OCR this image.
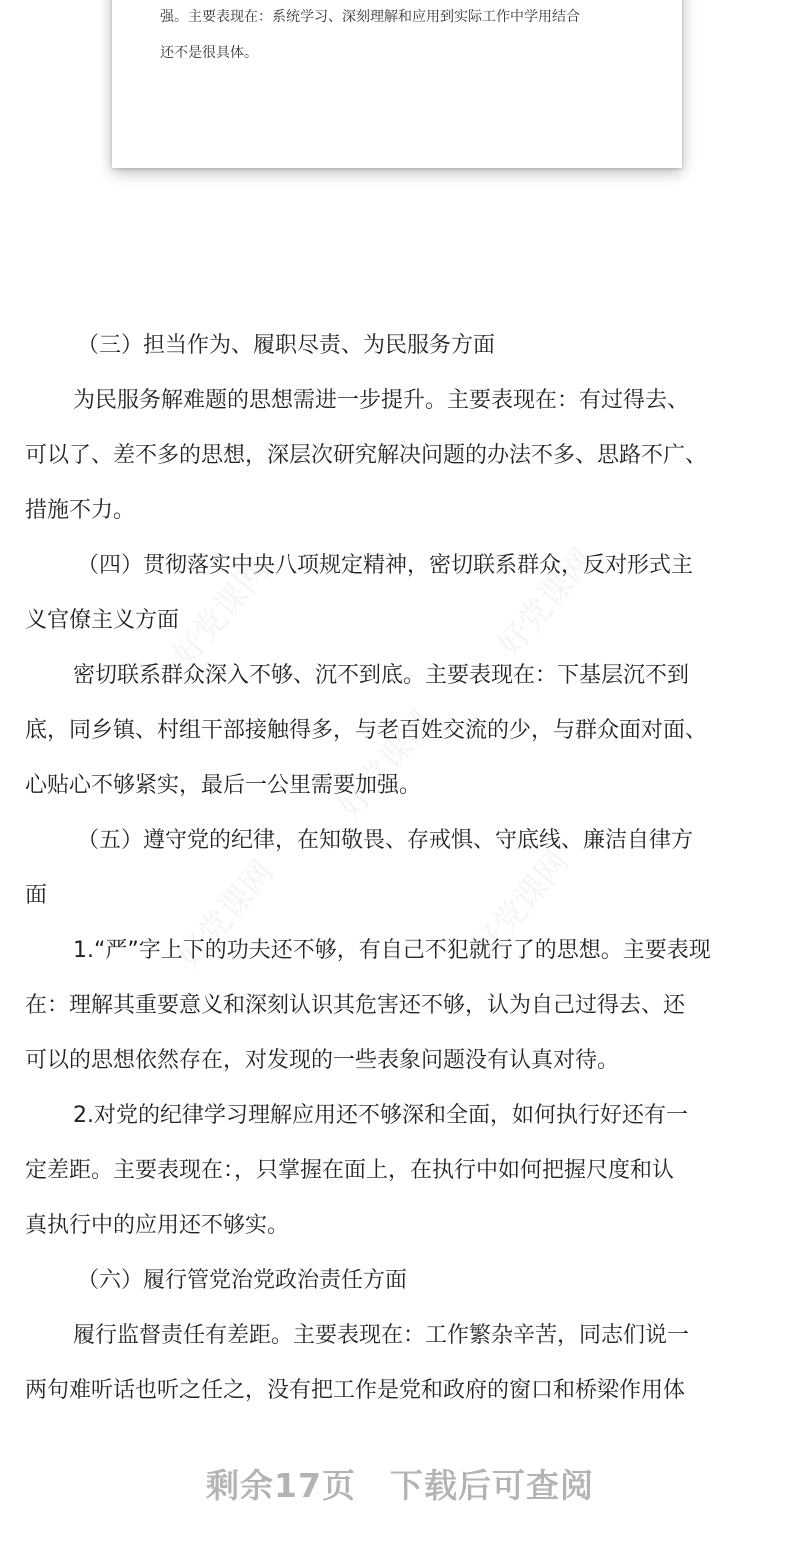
强。主要表现在：系统学习、深刻理解和应用到实际工作中学用结合
还不是很具体。
好党课网	好党课网
好党课网
好党课网	好党课网
（三）担当作为、履职尽责、为民服务方面
为民服务解难题的思想需进一步提升。主要表现在：有过得去、
可以了、差不多的思想，深层次研究解决问题的办法不多、思路不广、
措施不力。
（四）贯彻落实中央八项规定精神，密切联系群众，反对形式主
义官僚主义方面
密切联系群众深入不够、沉不到底。主要表现在：下基层沉不到
底，同乡镇、村组干部接触得多，与老百姓交流的少，与群众面对面、
心贴心不够紧实，最后一公里需要加强。
（五）遵守党的纪律，在知敬畏、存戒惧、守底线、廉洁自律方
面
1.“严”字上下的功夫还不够，有自己不犯就行了的思想。主要表现
在：理解其重要意义和深刻认识其危害还不够，认为自己过得去、还
可以的思想依然存在，对发现的一些表象问题没有认真对待。
2.对党的纪律学习理解应用还不够深和全面，如何执行好还有一
定差距。主要表现在：，只掌握在面上，在执行中如何把握尺度和认
真执行中的应用还不够实。
（六）履行管党治党政治责任方面
履行监督责任有差距。主要表现在：工作繁杂辛苦，同志们说一
两句难听话也听之任之，没有把工作是党和政府的窗口和桥梁作用体
剩余17页　 下载后可查阅
